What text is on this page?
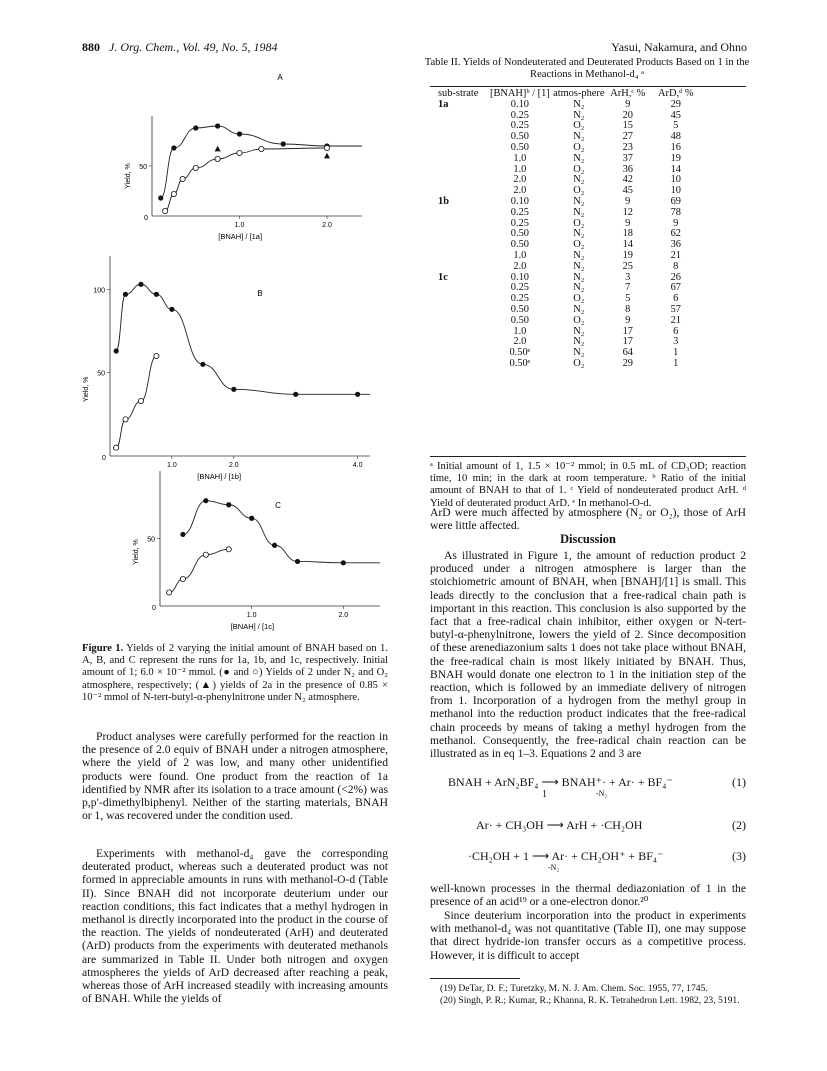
880 J. Org. Chem., Vol. 49, No. 5, 1984	Yasui, Nakamura, and Ohno
A
0
1.0	2.0
50
[BNAH] / [1a]
Yield, %
B
0
1.0	2.0	4.0
50
100
[BNAH] / [1b]
Yield, %
C
0
1.0	2.0
50
[BNAH] / [1c]
Yield, %
Figure 1. Yields of 2 varying the initial amount of BNAH based on 1. A, B, and C represent the runs for 1a, 1b, and 1c, respectively. Initial amount of 1; 6.0 × 10⁻² mmol. (● and ○) Yields of 2 under N₂ and O₂ atmosphere, respectively; (▲) yields of 2a in the presence of 0.85 × 10⁻² mmol of N-tert-butyl-α-phenylnitrone under N₂ atmosphere.
Product analyses were carefully performed for the reaction in the presence of 2.0 equiv of BNAH under a nitrogen atmosphere, where the yield of 2 was low, and many other unidentified products were found. One product from the reaction of 1a identified by NMR after its isolation to a trace amount (<2%) was p,p′-dimethylbiphenyl. Neither of the starting materials, BNAH or 1, was recovered under the condition used.
Experiments with methanol-d₄ gave the corresponding deuterated product, whereas such a deuterated product was not formed in appreciable amounts in runs with methanol-O-d (Table II). Since BNAH did not incorporate deuterium under our reaction conditions, this fact indicates that a methyl hydrogen in methanol is directly incorporated into the product in the course of the reaction. The yields of nondeuterated (ArH) and deuterated (ArD) products from the experiments with deuterated methanols are summarized in Table II. Under both nitrogen and oxygen atmospheres the yields of ArD decreased after reaching a peak, whereas those of ArH increased steadily with increasing amounts of BNAH. While the yields of
Table II. Yields of Nondeuterated and Deuterated Products Based on 1 in the Reactions in Methanol-d₄ ᵃ
sub-strate	[BNAH]ᵇ / [1]	atmos-phere	ArH,ᶜ %	ArD,ᵈ %
1a	0.10	N₂	9	29
	0.25	N₂	20	45
	0.25	O₂	15	5
	0.50	N₂	27	48
	0.50	O₂	23	16
	1.0	N₂	37	19
	1.0	O₂	36	14
	2.0	N₂	42	10
	2.0	O₂	45	10
1b	0.10	N₂	9	69
	0.25	N₂	12	78
	0.25	O₂	9	9
	0.50	N₂	18	62
	0.50	O₂	14	36
	1.0	N₂	19	21
	2.0	N₂	25	8
1c	0.10	N₂	3	26
	0.25	N₂	7	67
	0.25	O₂	5	6
	0.50	N₂	8	57
	0.50	O₂	9	21
	1.0	N₂	17	6
	2.0	N₂	17	3
	0.50ᵉ	N₂	64	1
	0.50ᵉ	O₂	29	1
ᵃ Initial amount of 1, 1.5 × 10⁻² mmol; in 0.5 mL of CD₃OD; reaction time, 10 min; in the dark at room temperature. ᵇ Ratio of the initial amount of BNAH to that of 1. ᶜ Yield of nondeuterated product ArH. ᵈ Yield of deuterated product ArD. ᵉ In methanol-O-d.
ArD were much affected by atmosphere (N₂ or O₂), those of ArH were little affected.
Discussion
As illustrated in Figure 1, the amount of reduction product 2 produced under a nitrogen atmosphere is larger than the stoichiometric amount of BNAH, when [BNAH]/[1] is small. This leads directly to the conclusion that a free-radical chain path is important in this reaction. This conclusion is also supported by the fact that a free-radical chain inhibitor, either oxygen or N-tert-butyl-α-phenylnitrone, lowers the yield of 2. Since decomposition of these arenediazonium salts 1 does not take place without BNAH, the free-radical chain is most likely initiated by BNAH. Thus, BNAH would donate one electron to 1 in the initiation step of the reaction, which is followed by an immediate delivery of nitrogen from 1. Incorporation of a hydrogen from the methyl group in methanol into the reduction product indicates that the free-radical chain proceeds by means of taking a methyl hydrogen from the methanol. Consequently, the free-radical chain reaction can be illustrated as in eq 1–3. Equations 2 and 3 are
BNAH + ArN₂BF₄ ⟶ BNAH⁺· + Ar· + BF₄⁻
1	-N₂
(1)
Ar· + CH₃OH ⟶ ArH + ·CH₂OH	(2)
·CH₂OH + 1 ⟶ Ar· + CH₂OH⁺ + BF₄⁻
-N₂
(3)
well-known processes in the thermal dediazoniation of 1 in the presence of an acid¹⁹ or a one-electron donor.²⁰
Since deuterium incorporation into the product in experiments with methanol-d₄ was not quantitative (Table II), one may suppose that direct hydride-ion transfer occurs as a competitive process. However, it is difficult to accept
(19) DeTar, D. F.; Turetzky, M. N. J. Am. Chem. Soc. 1955, 77, 1745.
(20) Singh, P. R.; Kumar, R.; Khanna, R. K. Tetrahedron Lett. 1982, 23, 5191.
